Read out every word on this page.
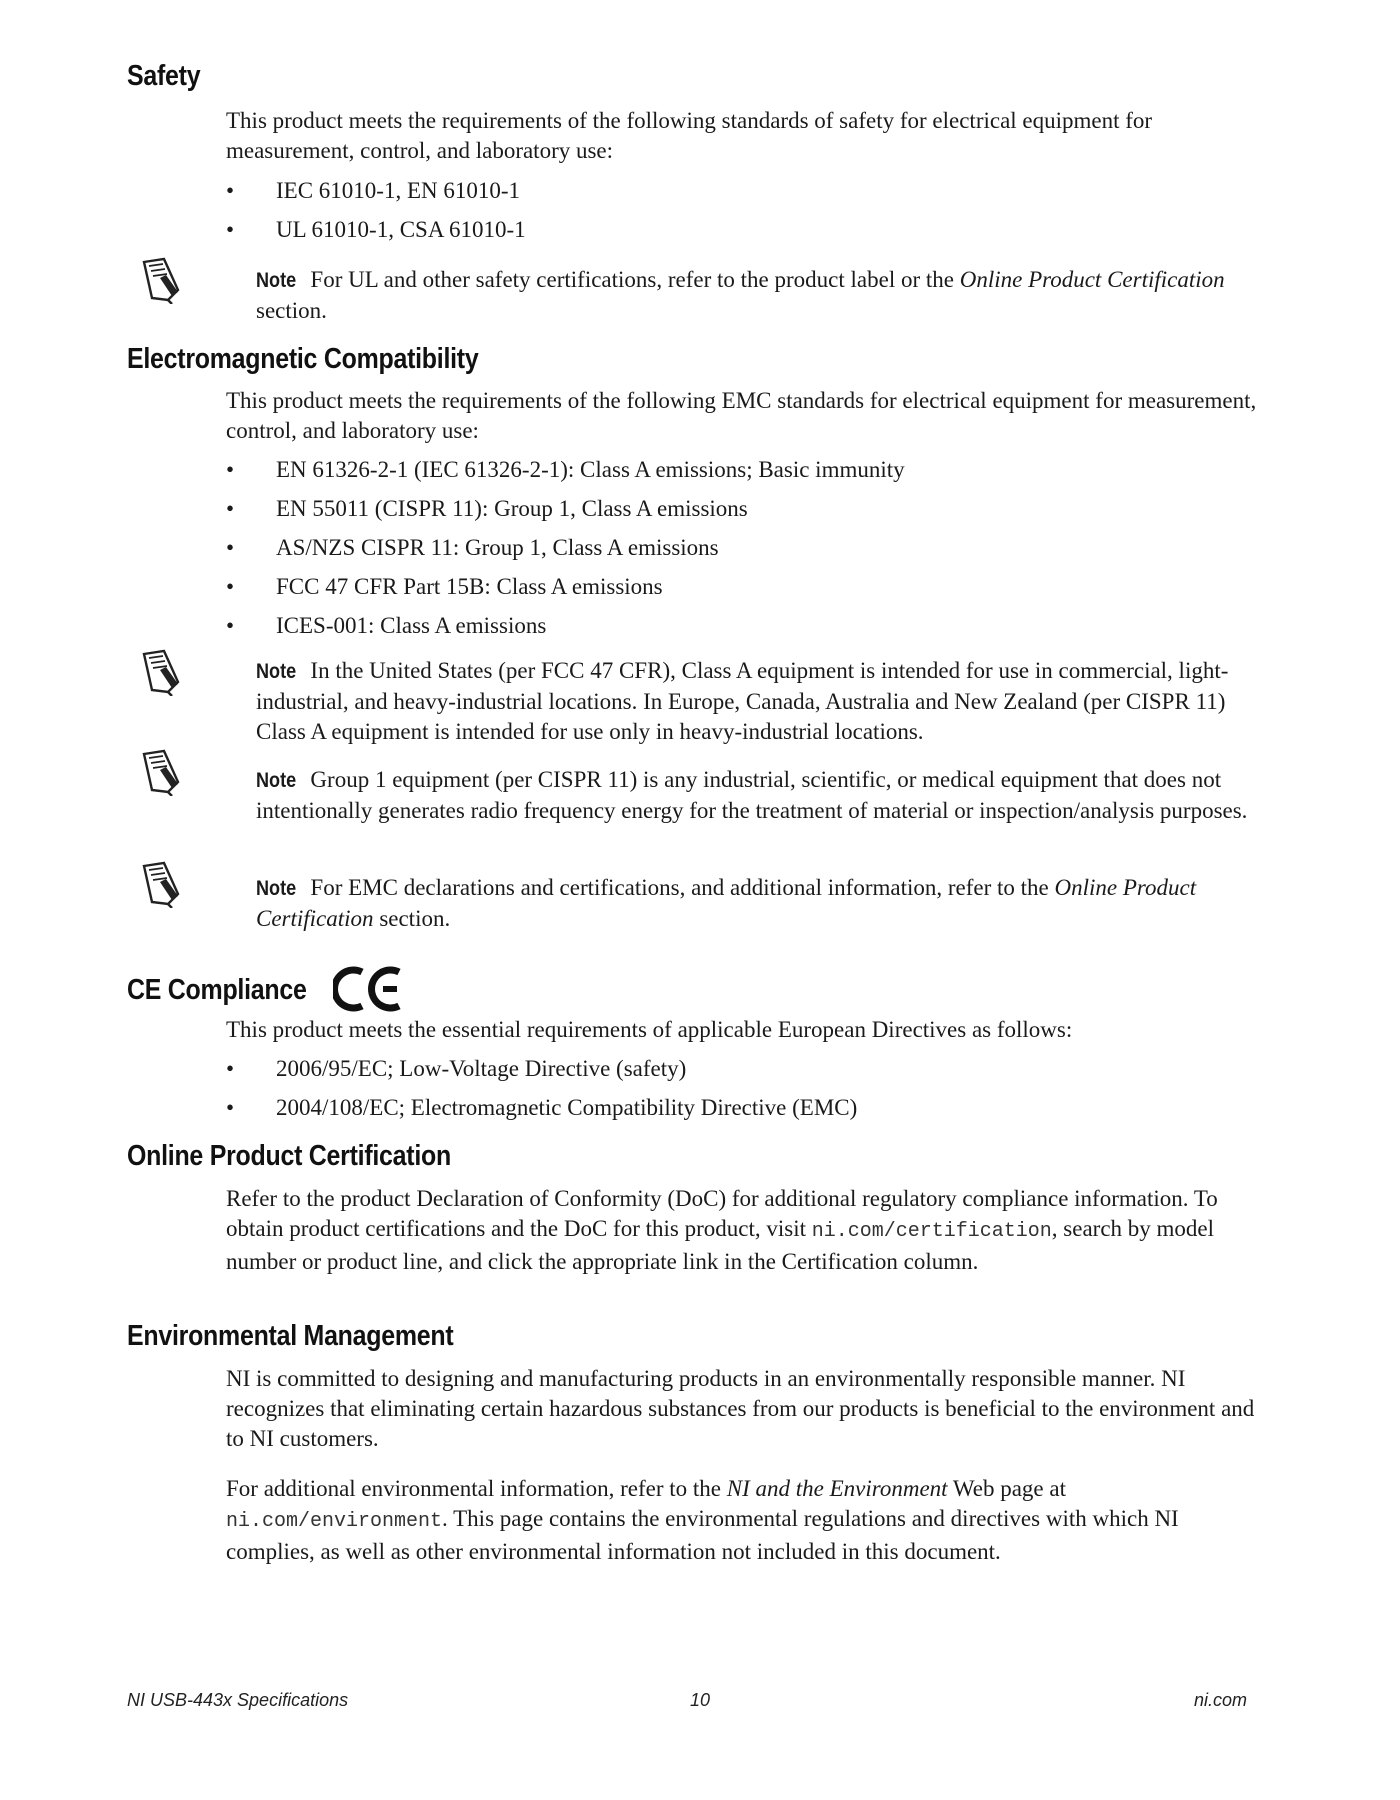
Safety

This product meets the requirements of the following standards of safety for electrical equipment for measurement, control, and laboratory use:

•	IEC 61010-1, EN 61010-1
•	UL 61010-1, CSA 61010-1

Note For UL and other safety certifications, refer to the product label or the Online Product Certification section.

Electromagnetic Compatibility

This product meets the requirements of the following EMC standards for electrical equipment for measurement, control, and laboratory use:

•	EN 61326-2-1 (IEC 61326-2-1): Class A emissions; Basic immunity
•	EN 55011 (CISPR 11): Group 1, Class A emissions
•	AS/NZS CISPR 11: Group 1, Class A emissions
•	FCC 47 CFR Part 15B: Class A emissions
•	ICES-001: Class A emissions

Note In the United States (per FCC 47 CFR), Class A equipment is intended for use in commercial, light-industrial, and heavy-industrial locations. In Europe, Canada, Australia and New Zealand (per CISPR 11) Class A equipment is intended for use only in heavy-industrial locations.

Note Group 1 equipment (per CISPR 11) is any industrial, scientific, or medical equipment that does not intentionally generates radio frequency energy for the treatment of material or inspection/analysis purposes.

Note For EMC declarations and certifications, and additional information, refer to the Online Product Certification section.

CE Compliance

This product meets the essential requirements of applicable European Directives as follows:

•	2006/95/EC; Low-Voltage Directive (safety)
•	2004/108/EC; Electromagnetic Compatibility Directive (EMC)
Online Product Certification

Refer to the product Declaration of Conformity (DoC) for additional regulatory compliance information. To obtain product certifications and the DoC for this product, visit ni.com/certification, search by model number or product line, and click the appropriate link in the Certification column.

Environmental Management

NI is committed to designing and manufacturing products in an environmentally responsible manner. NI recognizes that eliminating certain hazardous substances from our products is beneficial to the environment and to NI customers.

For additional environmental information, refer to the NI and the Environment Web page at ni.com/environment. This page contains the environmental regulations and directives with which NI complies, as well as other environmental information not included in this document.

NI USB-443x Specifications	10	ni.com
